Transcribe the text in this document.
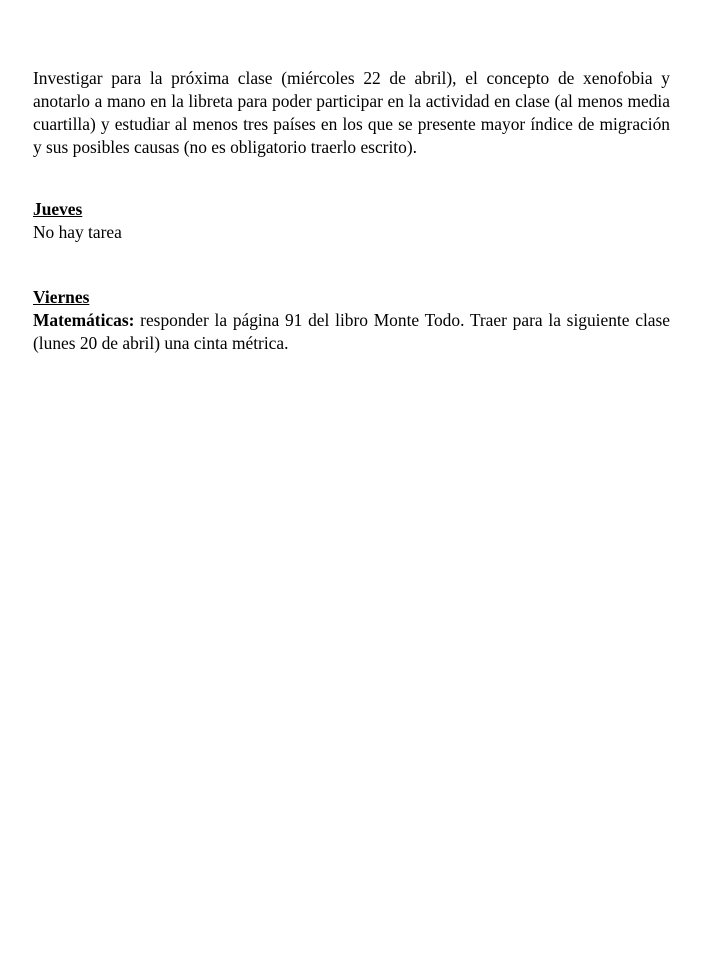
Investigar para la próxima clase (miércoles 22 de abril), el concepto de xenofobia y anotarlo a mano en la libreta para poder participar en la actividad en clase (al menos media cuartilla) y estudiar al menos tres países en los que se presente mayor índice de migración y sus posibles causas (no es obligatorio traerlo escrito).

Jueves

No hay tarea

Viernes

Matemáticas: responder la página 91 del libro Monte Todo. Traer para la siguiente clase (lunes 20 de abril) una cinta métrica.
